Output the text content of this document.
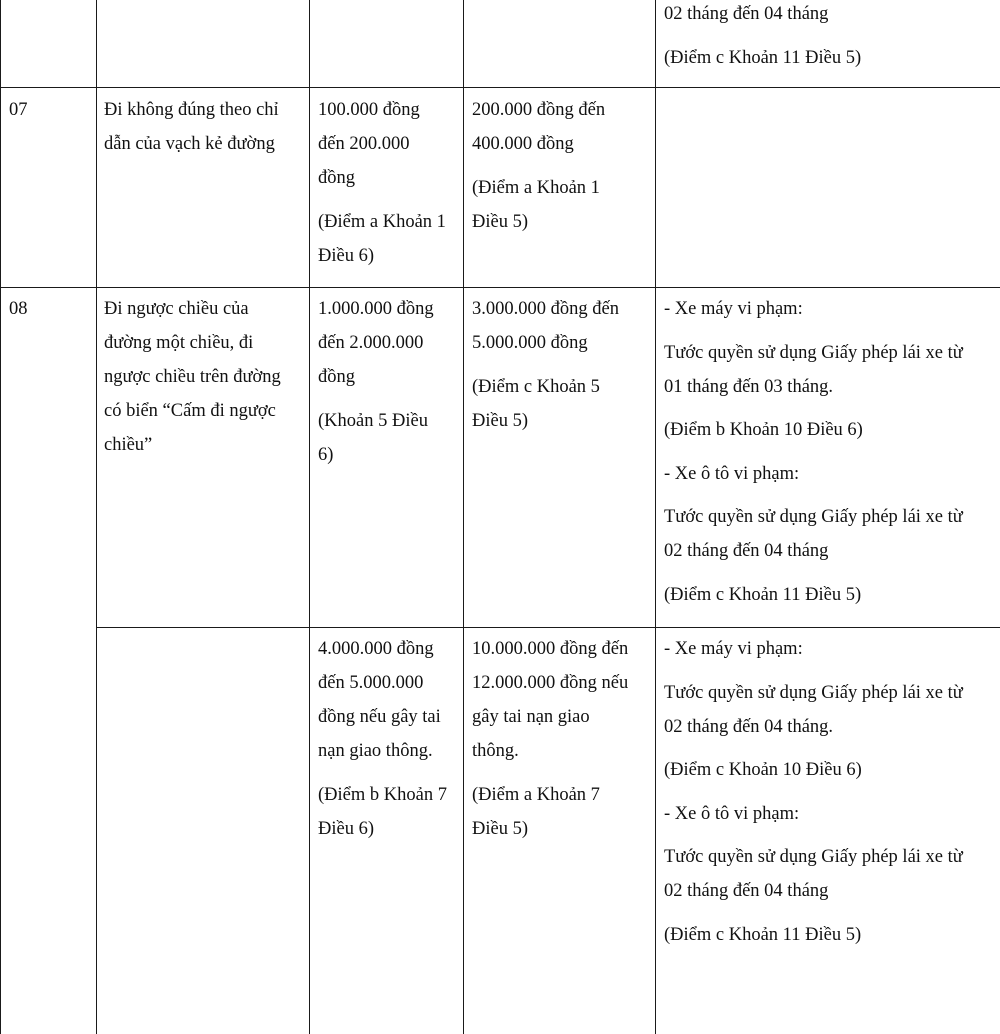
02 tháng đến 04 tháng
(Điểm c Khoản 11 Điều 5)
07	Đi không đúng theo chỉ
dẫn của vạch kẻ đường
100.000 đồng
đến 200.000
đồng
(Điểm a Khoản 1
Điều 6)
200.000 đồng đến
400.000 đồng
(Điểm a Khoản 1
Điều 5)
08	Đi ngược chiều của
đường một chiều, đi
ngược chiều trên đường
có biển “Cấm đi ngược
chiều”
1.000.000 đồng
đến 2.000.000
đồng
(Khoản 5 Điều
6)
3.000.000 đồng đến
5.000.000 đồng
(Điểm c Khoản 5
Điều 5)
- Xe máy vi phạm:
Tước quyền sử dụng Giấy phép lái xe từ
01 tháng đến 03 tháng.
(Điểm b Khoản 10 Điều 6)
- Xe ô tô vi phạm:
Tước quyền sử dụng Giấy phép lái xe từ
02 tháng đến 04 tháng
(Điểm c Khoản 11 Điều 5)
4.000.000 đồng
đến 5.000.000
đồng nếu gây tai
nạn giao thông.
(Điểm b Khoản 7
Điều 6)
10.000.000 đồng đến
12.000.000 đồng nếu
gây tai nạn giao
thông.
(Điểm a Khoản 7
Điều 5)
- Xe máy vi phạm:
Tước quyền sử dụng Giấy phép lái xe từ
02 tháng đến 04 tháng.
(Điểm c Khoản 10 Điều 6)
- Xe ô tô vi phạm:
Tước quyền sử dụng Giấy phép lái xe từ
02 tháng đến 04 tháng
(Điểm c Khoản 11 Điều 5)
